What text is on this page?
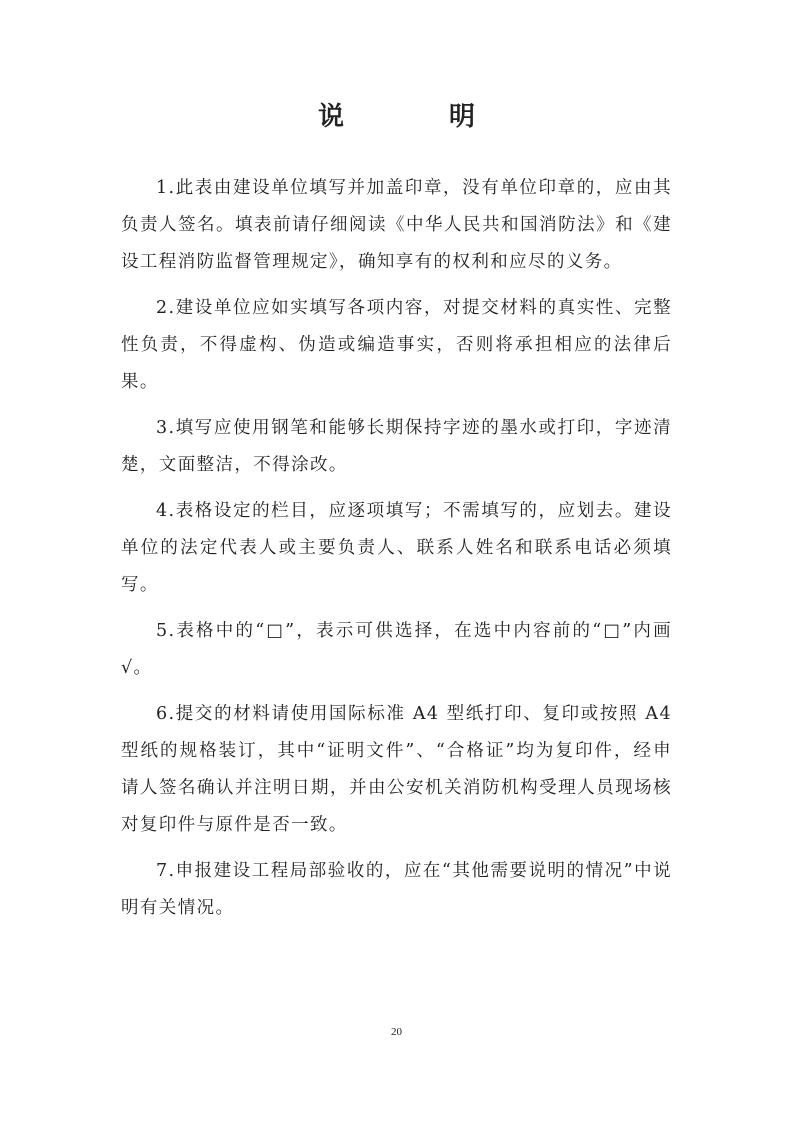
说 明

1.此表由建设单位填写并加盖印章，没有单位印章的，应由其负责人签名。填表前请仔细阅读《中华人民共和国消防法》和《建设工程消防监督管理规定》，确知享有的权利和应尽的义务。

2.建设单位应如实填写各项内容，对提交材料的真实性、完整性负责，不得虚构、伪造或编造事实，否则将承担相应的法律后果。

3.填写应使用钢笔和能够长期保持字迹的墨水或打印，字迹清楚，文面整洁，不得涂改。

4.表格设定的栏目，应逐项填写；不需填写的，应划去。建设单位的法定代表人或主要负责人、联系人姓名和联系电话必须填写。

5.表格中的“□”，表示可供选择，在选中内容前的“□”内画√。

6.提交的材料请使用国际标准 A4 型纸打印、复印或按照 A4 型纸的规格装订，其中“证明文件”、“合格证”均为复印件，经申请人签名确认并注明日期，并由公安机关消防机构受理人员现场核对复印件与原件是否一致。

7.申报建设工程局部验收的，应在“其他需要说明的情况”中说明有关情况。

20
